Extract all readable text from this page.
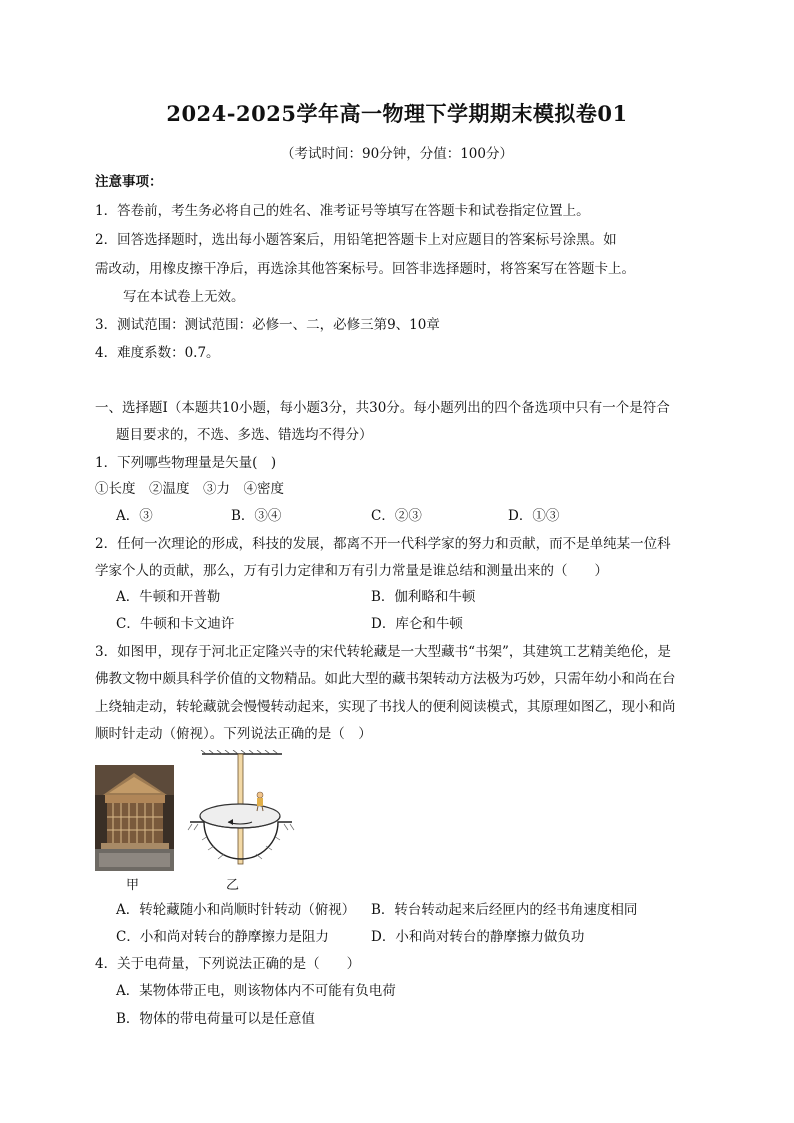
2024-2025学年高一物理下学期期末模拟卷01
（考试时间：90分钟，分值：100分）
注意事项：
1．答卷前，考生务必将自己的姓名、准考证号等填写在答题卡和试卷指定位置上。
2．回答选择题时，选出每小题答案后，用铅笔把答题卡上对应题目的答案标号涂黑。如
需改动，用橡皮擦干净后，再选涂其他答案标号。回答非选择题时，将答案写在答题卡上。
写在本试卷上无效。
3．测试范围：测试范围：必修一、二，必修三第9、10章
4．难度系数：0.7。
一、选择题Ⅰ（本题共10小题，每小题3分，共30分。每小题列出的四个备选项中只有一个是符合
题目要求的，不选、多选、错选均不得分）
1．下列哪些物理量是矢量(　)
①长度　②温度　③力　④密度
A．③	B．③④	C．②③	D．①③
2．任何一次理论的形成，科技的发展，都离不开一代科学家的努力和贡献，而不是单纯某一位科
学家个人的贡献，那么，万有引力定律和万有引力常量是谁总结和测量出来的（　　）
A．牛顿和开普勒	B．伽利略和牛顿
C．牛顿和卡文迪许	D．库仑和牛顿
3．如图甲，现存于河北正定隆兴寺的宋代转轮藏是一大型藏书“书架”，其建筑工艺精美绝伦，是
佛教文物中颇具科学价值的文物精品。如此大型的藏书架转动方法极为巧妙，只需年幼小和尚在台
上绕轴走动，转轮藏就会慢慢转动起来，实现了书找人的便利阅读模式，其原理如图乙，现小和尚
顺时针走动（俯视）。下列说法正确的是（　）
甲	乙
A．转轮藏随小和尚顺时针转动（俯视） B．转台转动起来后经匣内的经书角速度相同
C．小和尚对转台的静摩擦力是阻力	D．小和尚对转台的静摩擦力做负功
4．关于电荷量，下列说法正确的是（　　）
A．某物体带正电，则该物体内不可能有负电荷
B．物体的带电荷量可以是任意值
